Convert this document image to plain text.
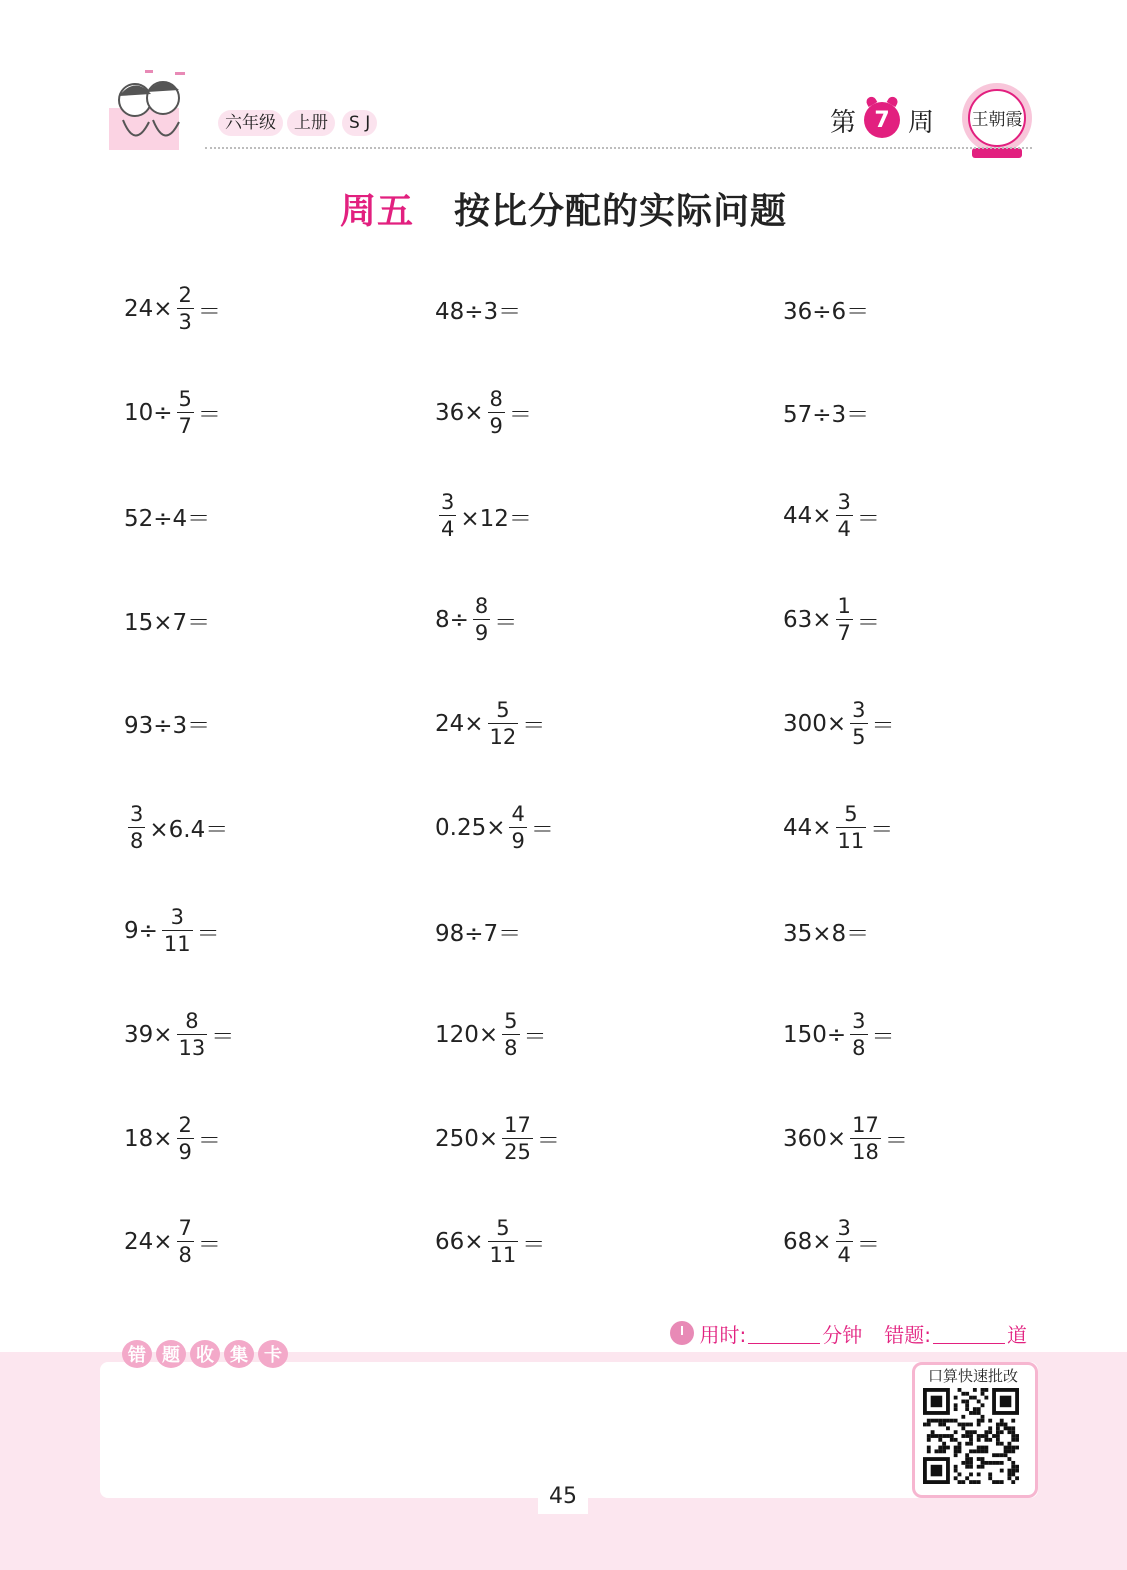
六年级	上册	S J	第 7 周 王朝霞
周五 按比分配的实际问题
$24\times \frac{2}{3}$ ＝	48÷3＝	36÷6＝
$10\div \frac{5}{7}$ ＝	$36\times \frac{8}{9}$ ＝	57÷3＝
52÷4＝	$\frac{3}{4} \times 12=$	$44\times \frac{3}{4}$ ＝
15×7＝	$8\div \frac{8}{9}$ ＝	$63\times \frac{1}{7}$ ＝
93÷3＝	$24\times \frac{5}{12}$ ＝	$300\times \frac{3}{5}$ ＝
$\frac{3}{8} \times 6.4=$	$0.25\times \frac{4}{9}$ ＝	$44\times \frac{5}{11}$ ＝
$9\div \frac{3}{11}$ ＝	98÷7＝	35×8＝
$39\times \frac{8}{13}$ ＝	$120\times \frac{5}{8}$ ＝	$150\div \frac{3}{8}$ ＝
$18\times \frac{2}{9}$ ＝	$250\times \frac{17}{25}$ ＝	$360\times \frac{17}{18}$ ＝
$24\times \frac{7}{8}$ ＝	$66\times \frac{5}{11}$ ＝	$68\times \frac{3}{4}$ ＝
用时:	分钟 错题:	道
错 题 收 集 卡
口算快速批改
45
